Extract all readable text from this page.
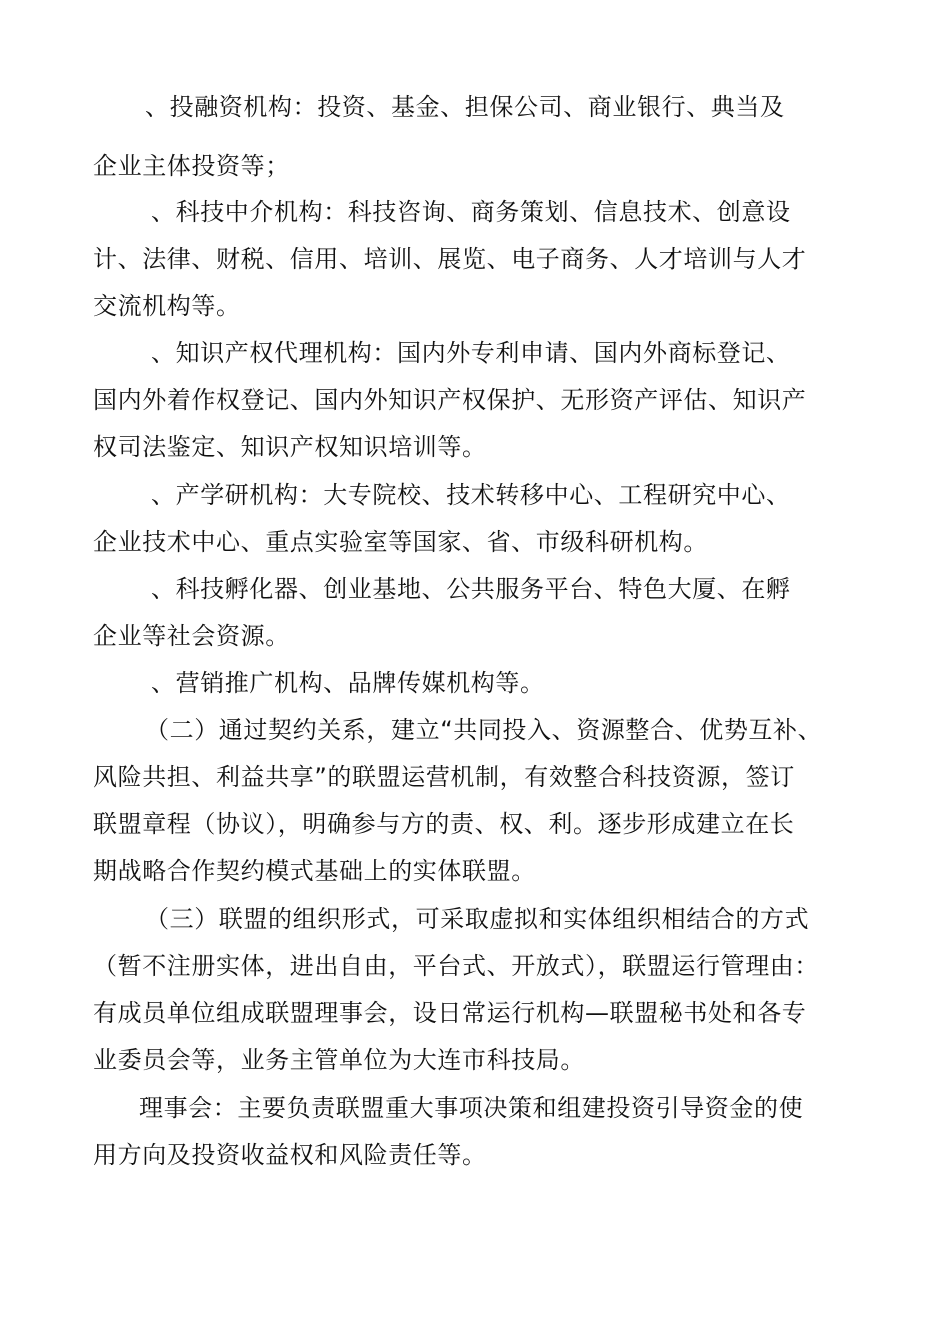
、投融资机构：投资、基金、担保公司、商业银行、典当及
企业主体投资等；

、科技中介机构：科技咨询、商务策划、信息技术、创意设
计、法律、财税、信用、培训、展览、电子商务、人才培训与人才
交流机构等。

、知识产权代理机构：国内外专利申请、国内外商标登记、
国内外着作权登记、国内外知识产权保护、无形资产评估、知识产
权司法鉴定、知识产权知识培训等。

、产学研机构：大专院校、技术转移中心、工程研究中心、
企业技术中心、重点实验室等国家、省、市级科研机构。

、科技孵化器、创业基地、公共服务平台、特色大厦、在孵
企业等社会资源。

、营销推广机构、品牌传媒机构等。

（二）通过契约关系，建立“共同投入、资源整合、优势互补、
风险共担、利益共享”的联盟运营机制，有效整合科技资源，签订
联盟章程（协议），明确参与方的责、权、利。逐步形成建立在长
期战略合作契约模式基础上的实体联盟。

（三）联盟的组织形式，可采取虚拟和实体组织相结合的方式
（暂不注册实体，进出自由，平台式、开放式），联盟运行管理由：
有成员单位组成联盟理事会，设日常运行机构—联盟秘书处和各专
业委员会等，业务主管单位为大连市科技局。

理事会：主要负责联盟重大事项决策和组建投资引导资金的使
用方向及投资收益权和风险责任等。
